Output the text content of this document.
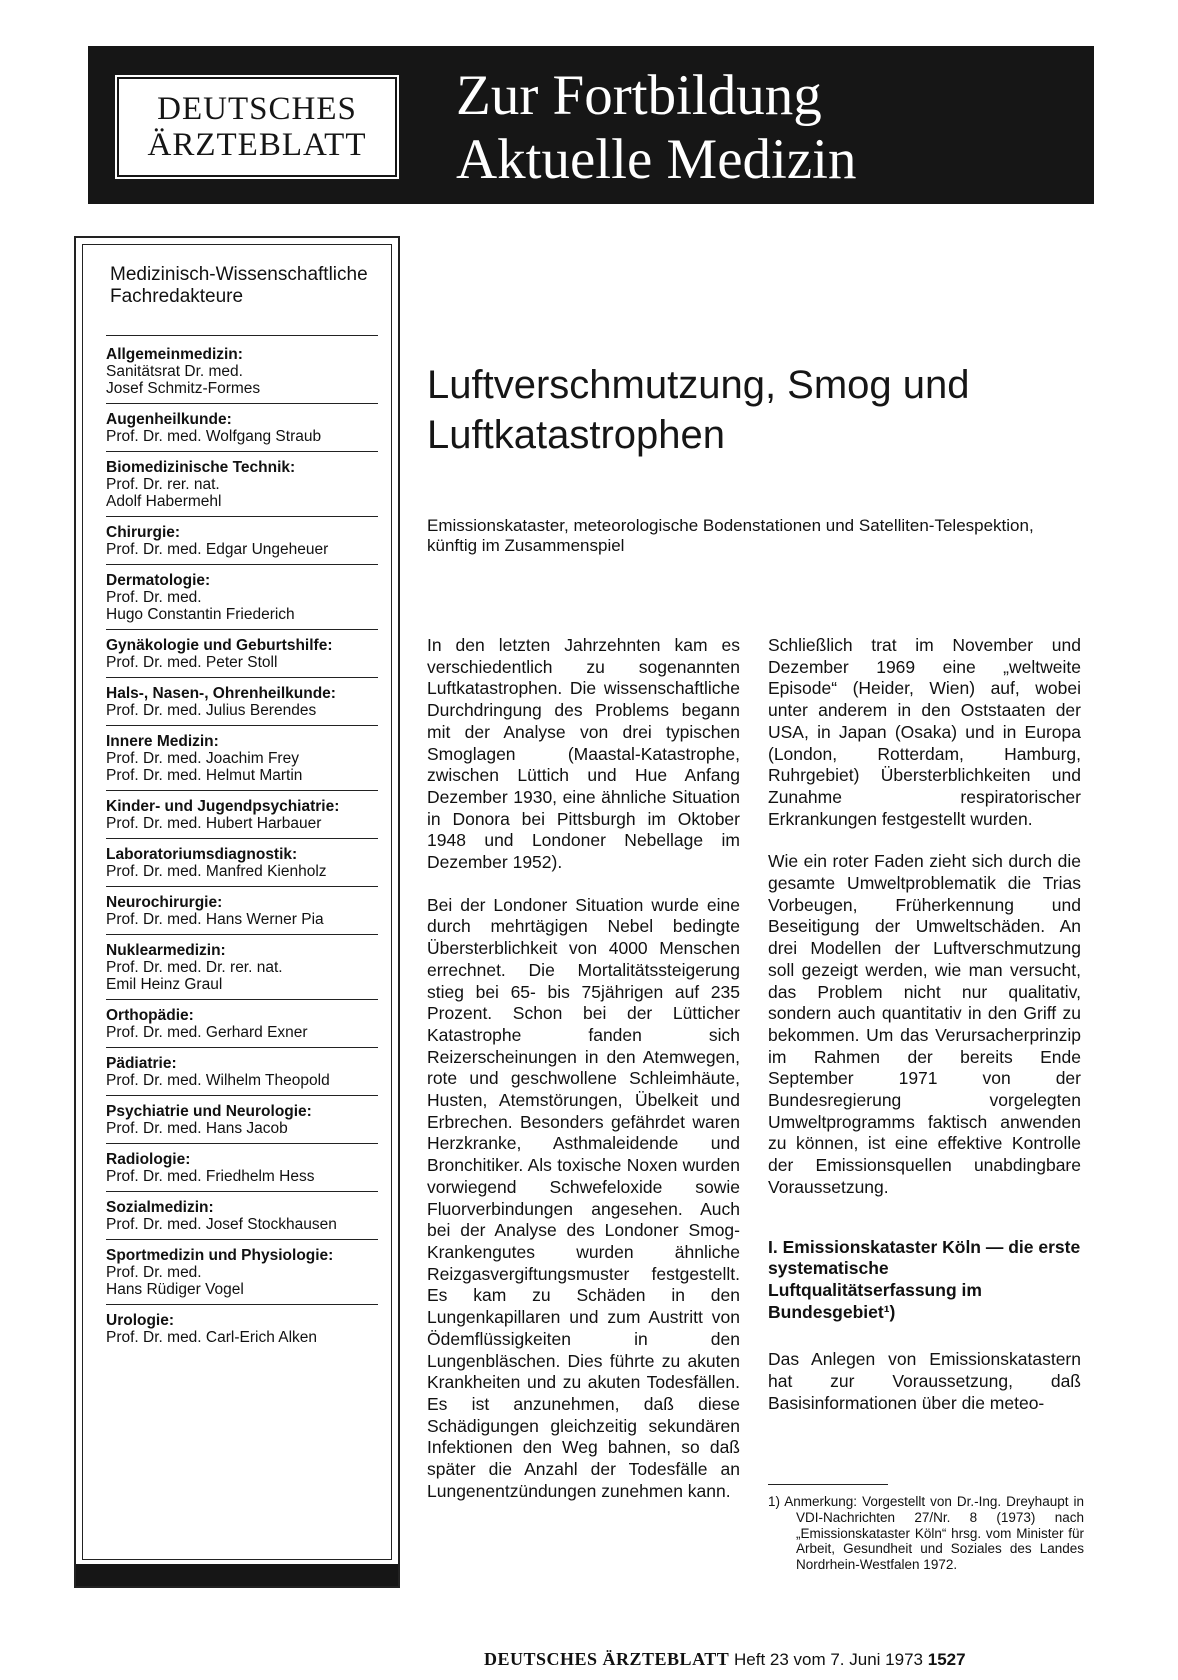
DEUTSCHES
ÄRZTEBLATT
Zur Fortbildung
Aktuelle Medizin
Medizinisch-Wissenschaftliche Fachredakteure
Allgemeinmedizin:
Sanitätsrat Dr. med.
Josef Schmitz-Formes
Augenheilkunde:
Prof. Dr. med. Wolfgang Straub
Biomedizinische Technik:
Prof. Dr. rer. nat.
Adolf Habermehl
Chirurgie:
Prof. Dr. med. Edgar Ungeheuer
Dermatologie:
Prof. Dr. med.
Hugo Constantin Friederich
Gynäkologie und Geburtshilfe:
Prof. Dr. med. Peter Stoll
Hals-, Nasen-, Ohrenheilkunde:
Prof. Dr. med. Julius Berendes
Innere Medizin:
Prof. Dr. med. Joachim Frey
Prof. Dr. med. Helmut Martin
Kinder- und Jugendpsychiatrie:
Prof. Dr. med. Hubert Harbauer
Laboratoriumsdiagnostik:
Prof. Dr. med. Manfred Kienholz
Neurochirurgie:
Prof. Dr. med. Hans Werner Pia
Nuklearmedizin:
Prof. Dr. med. Dr. rer. nat.
Emil Heinz Graul
Orthopädie:
Prof. Dr. med. Gerhard Exner
Pädiatrie:
Prof. Dr. med. Wilhelm Theopold
Psychiatrie und Neurologie:
Prof. Dr. med. Hans Jacob
Radiologie:
Prof. Dr. med. Friedhelm Hess
Sozialmedizin:
Prof. Dr. med. Josef Stockhausen
Sportmedizin und Physiologie:
Prof. Dr. med.
Hans Rüdiger Vogel
Urologie:
Prof. Dr. med. Carl-Erich Alken
Luftverschmutzung, Smog und Luftkatastrophen
Emissionskataster, meteorologische Bodenstationen und Satelliten-Telespektion, künftig im Zusammenspiel

In den letzten Jahrzehnten kam es verschiedentlich zu sogenannten Luftkatastrophen. Die wissenschaftliche Durchdringung des Problems begann mit der Analyse von drei typischen Smoglagen (Maastal-Katastrophe, zwischen Lüttich und Hue Anfang Dezember 1930, eine ähnliche Situation in Donora bei Pittsburgh im Oktober 1948 und Londoner Nebellage im Dezember 1952).

Bei der Londoner Situation wurde eine durch mehrtägigen Nebel bedingte Übersterblichkeit von 4000 Menschen errechnet. Die Mortalitätssteigerung stieg bei 65- bis 75jährigen auf 235 Prozent. Schon bei der Lütticher Katastrophe fanden sich Reizerscheinungen in den Atemwegen, rote und geschwollene Schleimhäute, Husten, Atemstörungen, Übelkeit und Erbrechen. Besonders gefährdet waren Herzkranke, Asthmaleidende und Bronchitiker. Als toxische Noxen wurden vorwiegend Schwefeloxide sowie Fluorverbindungen angesehen. Auch bei der Analyse des Londoner Smog-Krankengutes wurden ähnliche Reizgasvergiftungsmuster festgestellt. Es kam zu Schäden in den Lungenkapillaren und zum Austritt von Ödemflüssigkeiten in den Lungenbläschen. Dies führte zu akuten Krankheiten und zu akuten Todesfällen. Es ist anzunehmen, daß diese Schädigungen gleichzeitig sekundären Infektionen den Weg bahnen, so daß später die Anzahl der Todesfälle an Lungenentzündungen zunehmen kann.

Schließlich trat im November und Dezember 1969 eine „weltweite Episode“ (Heider, Wien) auf, wobei unter anderem in den Oststaaten der USA, in Japan (Osaka) und in Europa (London, Rotterdam, Hamburg, Ruhrgebiet) Übersterblichkeiten und Zunahme respiratorischer Erkrankungen festgestellt wurden.

Wie ein roter Faden zieht sich durch die gesamte Umweltproblematik die Trias Vorbeugen, Früherkennung und Beseitigung der Umweltschäden. An drei Modellen der Luftverschmutzung soll gezeigt werden, wie man versucht, das Problem nicht nur qualitativ, sondern auch quantitativ in den Griff zu bekommen. Um das Verursacherprinzip im Rahmen der bereits Ende September 1971 von der Bundesregierung vorgelegten Umweltprogramms faktisch anwenden zu können, ist eine effektive Kontrolle der Emissionsquellen unabdingbare Voraussetzung.

I. Emissionskataster Köln — die erste systematische Luftqualitätserfassung im Bundesgebiet¹)

Das Anlegen von Emissionskatastern hat zur Voraussetzung, daß Basisinformationen über die meteo-

1) Anmerkung: Vorgestellt von Dr.-Ing. Dreyhaupt in VDI-Nachrichten 27/Nr. 8 (1973) nach „Emissionskataster Köln“ hrsg. vom Minister für Arbeit, Gesundheit und Soziales des Landes Nordrhein-Westfalen 1972.
DEUTSCHES ÄRZTEBLATT Heft 23 vom 7. Juni 1973 1527
